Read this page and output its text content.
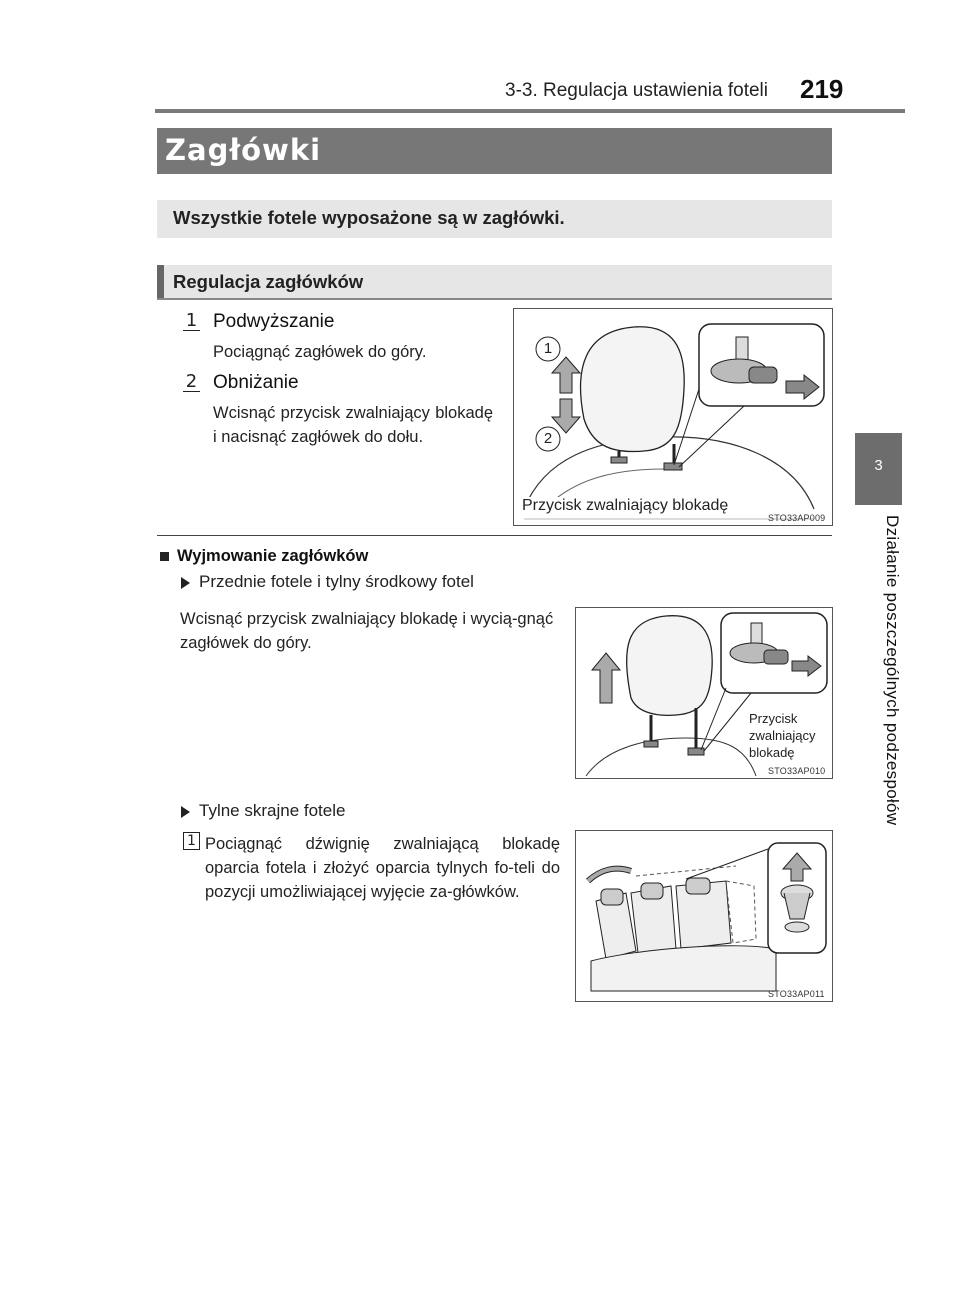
3-3. Regulacja ustawienia foteli 219
3
Działanie poszczególnych podzespołów
Zagłówki
Wszystkie fotele wyposażone są w zagłówki.
Regulacja zagłówków
1 Podwyższanie
Pociągnąć zagłówek do góry.
2 Obniżanie
Wcisnąć przycisk zwalniający blokadę i nacisnąć zagłówek do dołu.
1
2
Przycisk zwalniający blokadę
STO33AP009
Wyjmowanie zagłówków
Przednie fotele i tylny środkowy fotel
Wcisnąć przycisk zwalniający blokadę i wycią-gnąć zagłówek do góry.
Przycisk
zwalniający
blokadę
STO33AP010
Tylne skrajne fotele
1 Pociągnąć dźwignię zwalniającą blokadę oparcia fotela i złożyć oparcia tylnych fo-teli do pozycji umożliwiającej wyjęcie za-główków.
STO33AP011
